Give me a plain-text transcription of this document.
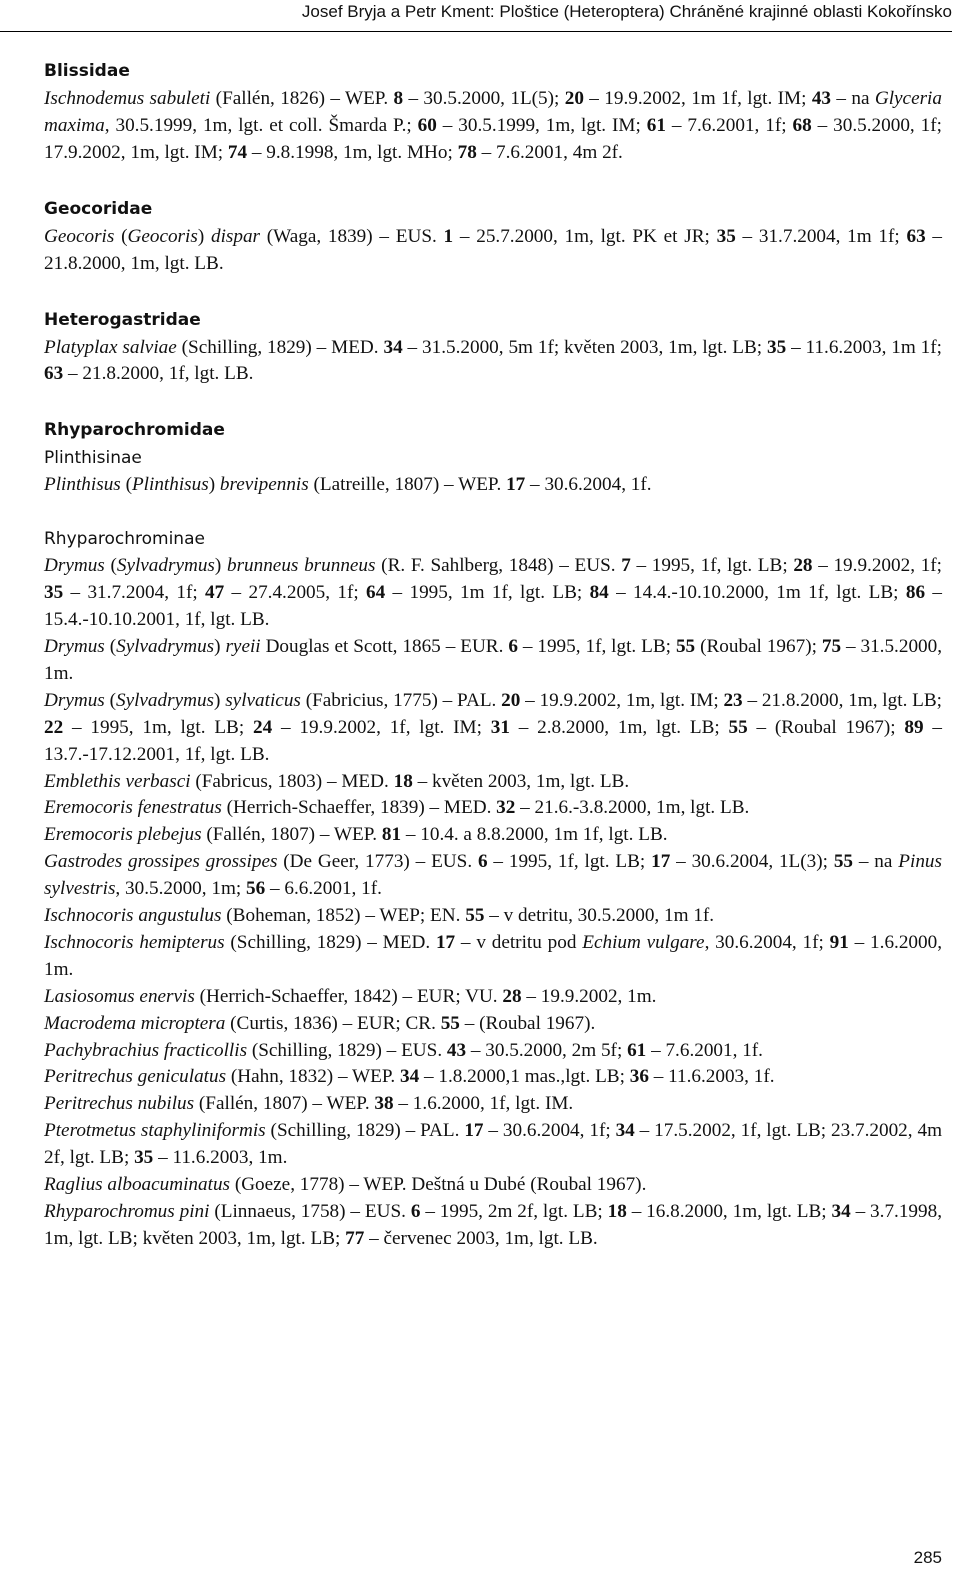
Josef Bryja a Petr Kment: Ploštice (Heteroptera) Chráněné krajinné oblasti Kokořínsko
Blissidae

Ischnodemus sabuleti (Fallén, 1826) – WEP. 8 – 30.5.2000, 1L(5); 20 – 19.9.2002, 1m 1f, lgt. IM; 43 – na Glyceria maxima, 30.5.1999, 1m, lgt. et coll. Šmarda P.; 60 – 30.5.1999, 1m, lgt. IM; 61 – 7.6.2001, 1f; 68 – 30.5.2000, 1f; 17.9.2002, 1m, lgt. IM; 74 – 9.8.1998, 1m, lgt. MHo; 78 – 7.6.2001, 4m 2f.

Geocoridae

Geocoris (Geocoris) dispar (Waga, 1839) – EUS. 1 – 25.7.2000, 1m, lgt. PK et JR; 35 – 31.7.2004, 1m 1f; 63 – 21.8.2000, 1m, lgt. LB.

Heterogastridae

Platyplax salviae (Schilling, 1829) – MED. 34 – 31.5.2000, 5m 1f; květen 2003, 1m, lgt. LB; 35 – 11.6.2003, 1m 1f; 63 – 21.8.2000, 1f, lgt. LB.

Rhyparochromidae
Plinthisinae

Plinthisus (Plinthisus) brevipennis (Latreille, 1807) – WEP. 17 – 30.6.2004, 1f.

Rhyparochrominae

Drymus (Sylvadrymus) brunneus brunneus (R. F. Sahlberg, 1848) – EUS. 7 – 1995, 1f, lgt. LB; 28 – 19.9.2002, 1f; 35 – 31.7.2004, 1f; 47 – 27.4.2005, 1f; 64 – 1995, 1m 1f, lgt. LB; 84 – 14.4.-10.10.2000, 1m 1f, lgt. LB; 86 – 15.4.-10.10.2001, 1f, lgt. LB.

Drymus (Sylvadrymus) ryeii Douglas et Scott, 1865 – EUR. 6 – 1995, 1f, lgt. LB; 55 (Roubal 1967); 75 – 31.5.2000, 1m.

Drymus (Sylvadrymus) sylvaticus (Fabricius, 1775) – PAL. 20 – 19.9.2002, 1m, lgt. IM; 23 – 21.8.2000, 1m, lgt. LB; 22 – 1995, 1m, lgt. LB; 24 – 19.9.2002, 1f, lgt. IM; 31 – 2.8.2000, 1m, lgt. LB; 55 – (Roubal 1967); 89 – 13.7.-17.12.2001, 1f, lgt. LB.

Emblethis verbasci (Fabricus, 1803) – MED. 18 – květen 2003, 1m, lgt. LB.

Eremocoris fenestratus (Herrich-Schaeffer, 1839) – MED. 32 – 21.6.-3.8.2000, 1m, lgt. LB.

Eremocoris plebejus (Fallén, 1807) – WEP. 81 – 10.4. a 8.8.2000, 1m 1f, lgt. LB.

Gastrodes grossipes grossipes (De Geer, 1773) – EUS. 6 – 1995, 1f, lgt. LB; 17 – 30.6.2004, 1L(3); 55 – na Pinus sylvestris, 30.5.2000, 1m; 56 – 6.6.2001, 1f.

Ischnocoris angustulus (Boheman, 1852) – WEP; EN. 55 – v detritu, 30.5.2000, 1m 1f.

Ischnocoris hemipterus (Schilling, 1829) – MED. 17 – v detritu pod Echium vulgare, 30.6.2004, 1f; 91 – 1.6.2000, 1m.

Lasiosomus enervis (Herrich-Schaeffer, 1842) – EUR; VU. 28 – 19.9.2002, 1m.

Macrodema microptera (Curtis, 1836) – EUR; CR. 55 – (Roubal 1967).

Pachybrachius fracticollis (Schilling, 1829) – EUS. 43 – 30.5.2000, 2m 5f; 61 – 7.6.2001, 1f.

Peritrechus geniculatus (Hahn, 1832) – WEP. 34 – 1.8.2000,1 mas.,lgt. LB; 36 – 11.6.2003, 1f.

Peritrechus nubilus (Fallén, 1807) – WEP. 38 – 1.6.2000, 1f, lgt. IM.

Pterotmetus staphyliniformis (Schilling, 1829) – PAL. 17 – 30.6.2004, 1f; 34 – 17.5.2002, 1f, lgt. LB; 23.7.2002, 4m 2f, lgt. LB; 35 – 11.6.2003, 1m.

Raglius alboacuminatus (Goeze, 1778) – WEP. Deštná u Dubé (Roubal 1967).

Rhyparochromus pini (Linnaeus, 1758) – EUS. 6 – 1995, 2m 2f, lgt. LB; 18 – 16.8.2000, 1m, lgt. LB; 34 – 3.7.1998, 1m, lgt. LB; květen 2003, 1m, lgt. LB; 77 – červenec 2003, 1m, lgt. LB.

285
